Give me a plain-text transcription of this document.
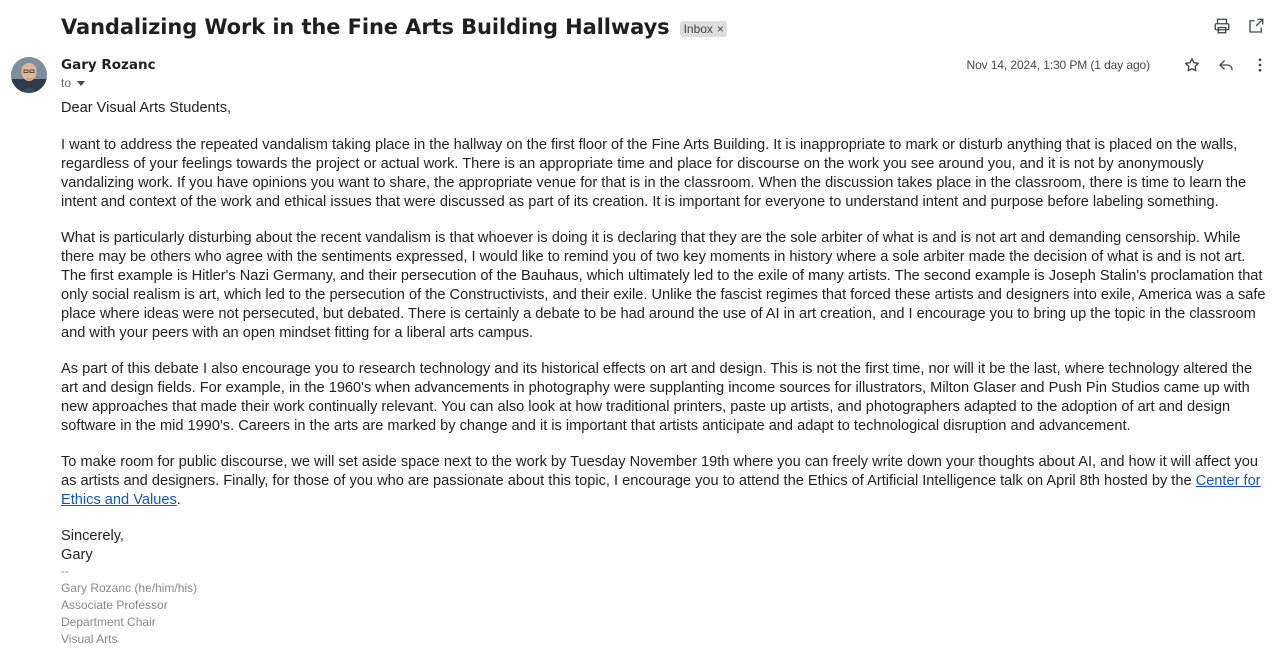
Vandalizing Work in the Fine Arts Building Hallways Inbox ×
Gary Rozanc
to
Nov 14, 2024, 1:30 PM (1 day ago)

Dear Visual Arts Students,

I want to address the repeated vandalism taking place in the hallway on the first floor of the Fine Arts Building. It is inappropriate to mark or disturb anything that is placed on the walls, regardless of your feelings towards the project or actual work. There is an appropriate time and place for discourse on the work you see around you, and it is not by anonymously vandalizing work. If you have opinions you want to share, the appropriate venue for that is in the classroom. When the discussion takes place in the classroom, there is time to learn the intent and context of the work and ethical issues that were discussed as part of its creation. It is important for everyone to understand intent and purpose before labeling something.

What is particularly disturbing about the recent vandalism is that whoever is doing it is declaring that they are the sole arbiter of what is and is not art and demanding censorship. While there may be others who agree with the sentiments expressed, I would like to remind you of two key moments in history where a sole arbiter made the decision of what is and is not art. The first example is Hitler's Nazi Germany, and their persecution of the Bauhaus, which ultimately led to the exile of many artists. The second example is Joseph Stalin's proclamation that only social realism is art, which led to the persecution of the Constructivists, and their exile. Unlike the fascist regimes that forced these artists and designers into exile, America was a safe place where ideas were not persecuted, but debated. There is certainly a debate to be had around the use of AI in art creation, and I encourage you to bring up the topic in the classroom and with your peers with an open mindset fitting for a liberal arts campus.

As part of this debate I also encourage you to research technology and its historical effects on art and design. This is not the first time, nor will it be the last, where technology altered the art and design fields. For example, in the 1960's when advancements in photography were supplanting income sources for illustrators, Milton Glaser and Push Pin Studios came up with new approaches that made their work continually relevant. You can also look at how traditional printers, paste up artists, and photographers adapted to the adoption of art and design software in the mid 1990's. Careers in the arts are marked by change and it is important that artists anticipate and adapt to technological disruption and advancement.

To make room for public discourse, we will set aside space next to the work by Tuesday November 19th where you can freely write down your thoughts about AI, and how it will affect you as artists and designers. Finally, for those of you who are passionate about this topic, I encourage you to attend the Ethics of Artificial Intelligence talk on April 8th hosted by the Center for Ethics and Values.

Sincerely,
Gary
--
Gary Rozanc (he/him/his)
Associate Professor
Department Chair
Visual Arts
